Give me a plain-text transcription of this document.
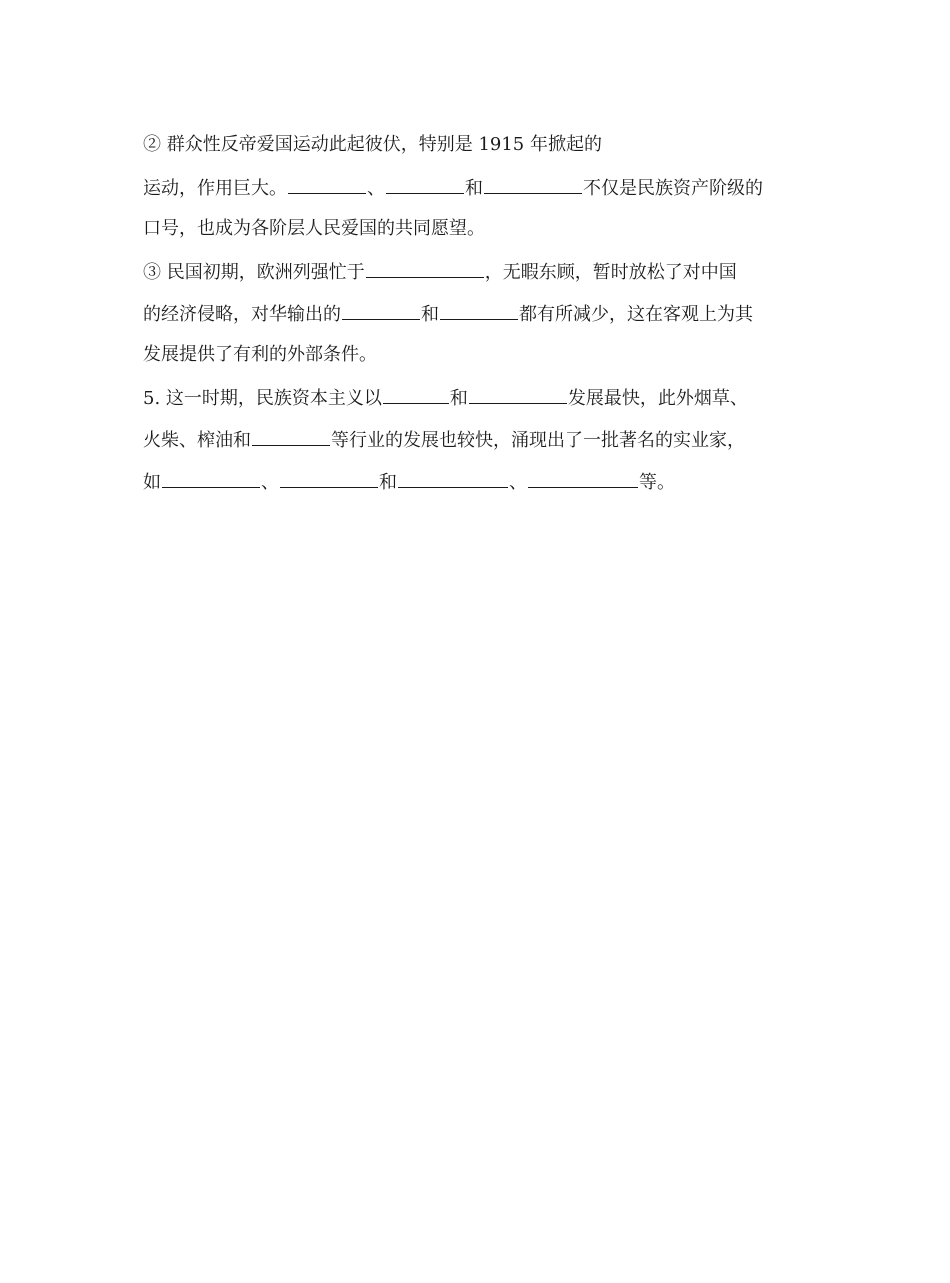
② 群众性反帝爱国运动此起彼伏，特别是 1915 年掀起的
运动，作用巨大。	、	和	不仅是民族资产阶级的
口号，也成为各阶层人民爱国的共同愿望。
③ 民国初期，欧洲列强忙于	，无暇东顾，暂时放松了对中国
的经济侵略，对华输出的	和	都有所减少，这在客观上为其
发展提供了有利的外部条件。
5. 这一时期，民族资本主义以	和	发展最快，此外烟草、
火柴、榨油和	等行业的发展也较快，涌现出了一批著名的实业家，
如	、	和	、	等。
